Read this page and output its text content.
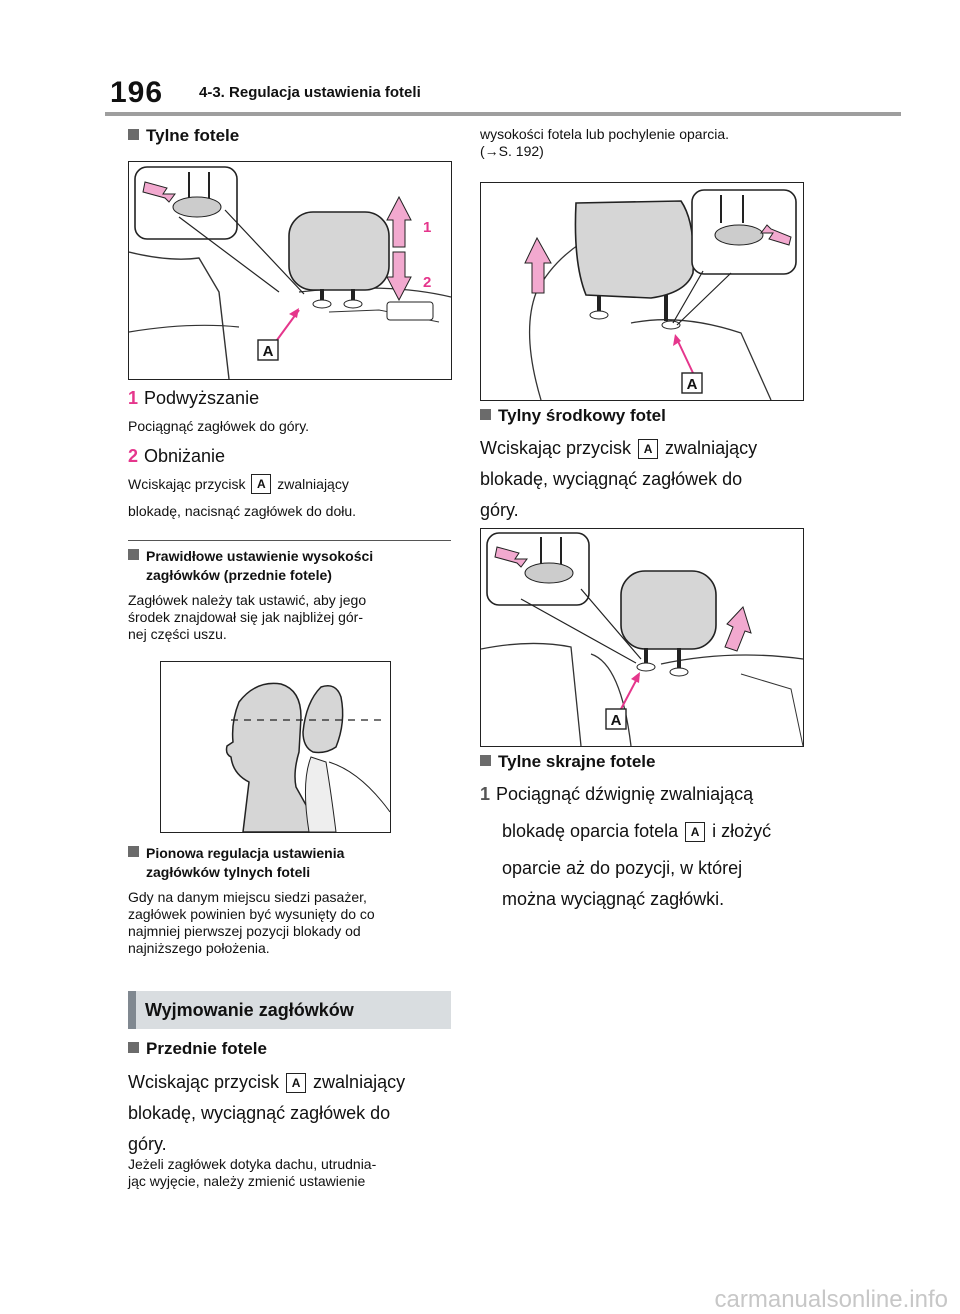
196 4-3. Regulacja ustawienia foteli
Tylne fotele
A
1
2
1 Podwyższanie
Pociągnąć zagłówek do góry.
2 Obniżanie
Wciskając przycisk A zwalniający
blokadę, nacisnąć zagłówek do dołu.
Prawidłowe ustawienie wysokości
zagłówków (przednie fotele)
Zagłówek należy tak ustawić, aby jego
środek znajdował się jak najbliżej gór-
nej części uszu.
Pionowa regulacja ustawienia
zagłówków tylnych foteli
Gdy na danym miejscu siedzi pasażer,
zagłówek powinien być wysunięty do co
najmniej pierwszej pozycji blokady od
najniższego położenia.
Wyjmowanie zagłówków
Przednie fotele
Wciskając przycisk A zwalniający
blokadę, wyciągnąć zagłówek do
góry.
Jeżeli zagłówek dotyka dachu, utrudnia-
jąc wyjęcie, należy zmienić ustawienie
wysokości fotela lub pochylenie oparcia.
(→S. 192)
A
Tylny środkowy fotel
Wciskając przycisk A zwalniający
blokadę, wyciągnąć zagłówek do
góry.
A
Tylne skrajne fotele
1 Pociągnąć dźwignię zwalniającą
blokadę oparcia fotela A i złożyć
oparcie aż do pozycji, w której
można wyciągnąć zagłówki.
carmanualsonline.info
